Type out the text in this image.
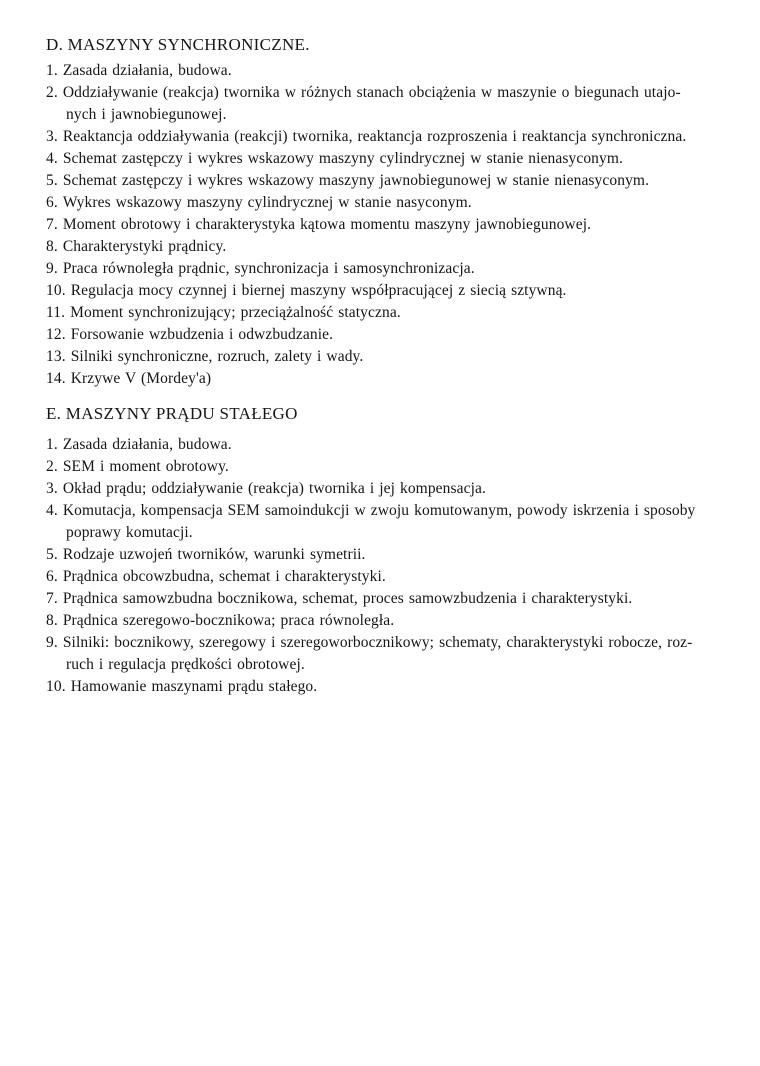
D. MASZYNY SYNCHRONICZNE.
1. Zasada działania, budowa.
2. Oddziaływanie (reakcja) twornika w różnych stanach obciążenia w maszynie o biegunach utajo-
nych i jawnobiegunowej.
3. Reaktancja oddziaływania (reakcji) twornika, reaktancja rozproszenia i reaktancja synchroniczna.
4. Schemat zastępczy i wykres wskazowy maszyny cylindrycznej w stanie nienasyconym.
5. Schemat zastępczy i wykres wskazowy maszyny jawnobiegunowej w stanie nienasyconym.
6. Wykres wskazowy maszyny cylindrycznej w stanie nasyconym.
7. Moment obrotowy i charakterystyka kątowa momentu maszyny jawnobiegunowej.
8. Charakterystyki prądnicy.
9. Praca równoległa prądnic, synchronizacja i samosynchronizacja.
10. Regulacja mocy czynnej i biernej maszyny współpracującej z siecią sztywną.
11. Moment synchronizujący; przeciążalność statyczna.
12. Forsowanie wzbudzenia i odwzbudzanie.
13. Silniki synchroniczne, rozruch, zalety i wady.
14. Krzywe V (Mordey'a)
E. MASZYNY PRĄDU STAŁEGO
1. Zasada działania, budowa.
2. SEM i moment obrotowy.
3. Okład prądu; oddziaływanie (reakcja) twornika i jej kompensacja.
4. Komutacja, kompensacja SEM samoindukcji w zwoju komutowanym, powody iskrzenia i sposoby
poprawy komutacji.
5. Rodzaje uzwojeń tworników, warunki symetrii.
6. Prądnica obcowzbudna, schemat i charakterystyki.
7. Prądnica samowzbudna bocznikowa, schemat, proces samowzbudzenia i charakterystyki.
8. Prądnica szeregowo-bocznikowa; praca równoległa.
9. Silniki: bocznikowy, szeregowy i szeregoworbocznikowy; schematy, charakterystyki robocze, roz-
ruch i regulacja prędkości obrotowej.
10. Hamowanie maszynami prądu stałego.
